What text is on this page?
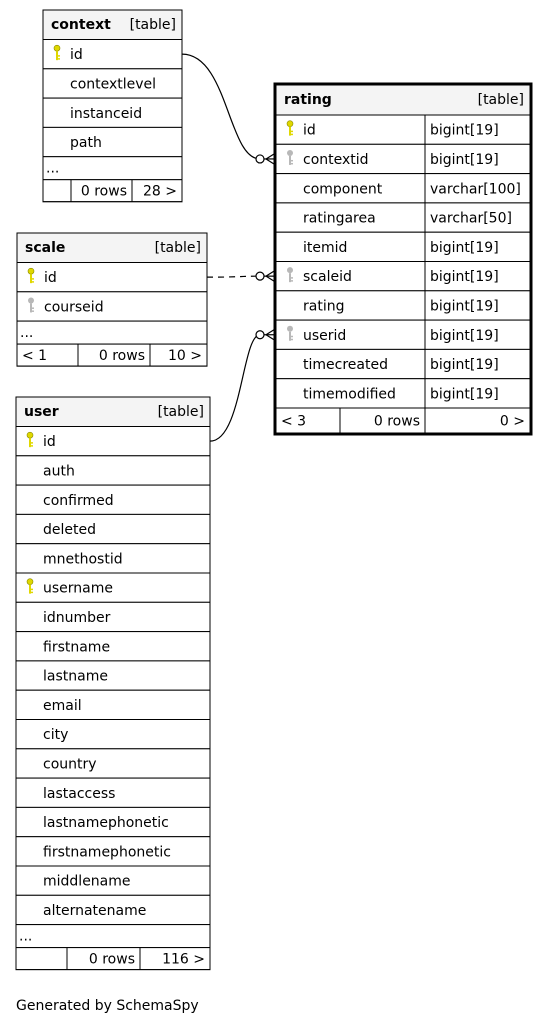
context [table]
id
contextlevel
instanceid
path
...
0 rows 28 >
scale	[table]
id
courseid
...
< 1	0 rows 10 >
user	[table]
id
auth
confirmed
deleted
mnethostid
username
idnumber
firstname
lastname
email
city
country
lastaccess
lastnamephonetic
firstnamephonetic
middlename
alternatename
...
0 rows 116 >
rating	[table]
id	bigint[19]
contextid	bigint[19]
component	varchar[100]
ratingarea	varchar[50]
itemid	bigint[19]
scaleid	bigint[19]
rating	bigint[19]
userid	bigint[19]
timecreated	bigint[19]
timemodified bigint[19]
< 3	0 rows	0 >
Generated by SchemaSpy
